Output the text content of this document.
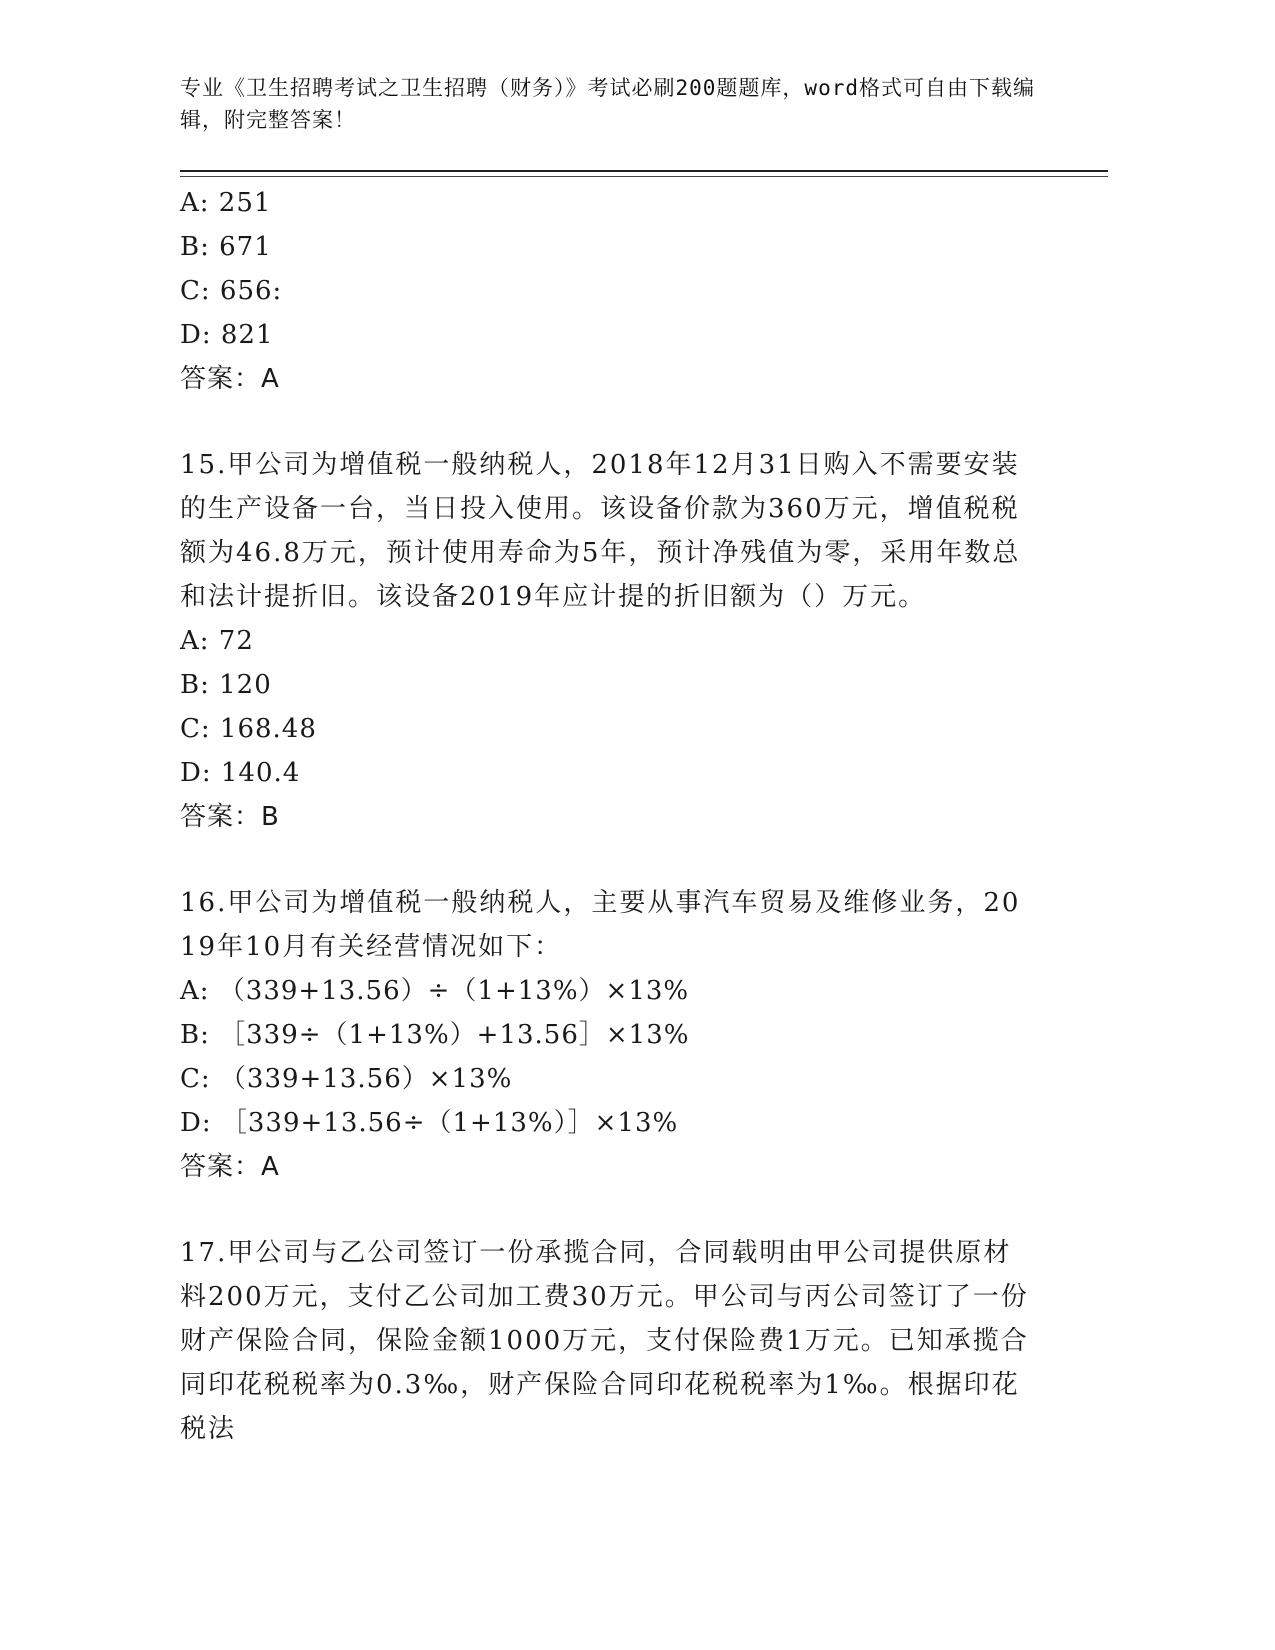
专业《卫生招聘考试之卫生招聘（财务）》考试必刷200题题库，word格式可自由下载编辑，附完整答案！
A: 251
B: 671
C: 656:
D: 821
答案：A
15.甲公司为增值税一般纳税人，2018年12月31日购入不需要安装的生产设备一台，当日投入使用。该设备价款为360万元，增值税税额为46.8万元，预计使用寿命为5年，预计净残值为零，采用年数总和法计提折旧。该设备2019年应计提的折旧额为（）万元。
A: 72
B: 120
C: 168.48
D: 140.4
答案：B
16.甲公司为增值税一般纳税人，主要从事汽车贸易及维修业务，2019年10月有关经营情况如下：
A: （339+13.56）÷（1+13%）×13%
B: ［339÷（1+13%）+13.56］×13%
C: （339+13.56）×13%
D: ［339+13.56÷（1+13%）］×13%
答案：A
17.甲公司与乙公司签订一份承揽合同，合同载明由甲公司提供原材料200万元，支付乙公司加工费30万元。甲公司与丙公司签订了一份财产保险合同，保险金额1000万元，支付保险费1万元。已知承揽合同印花税税率为0.3‰，财产保险合同印花税税率为1‰。根据印花税法
